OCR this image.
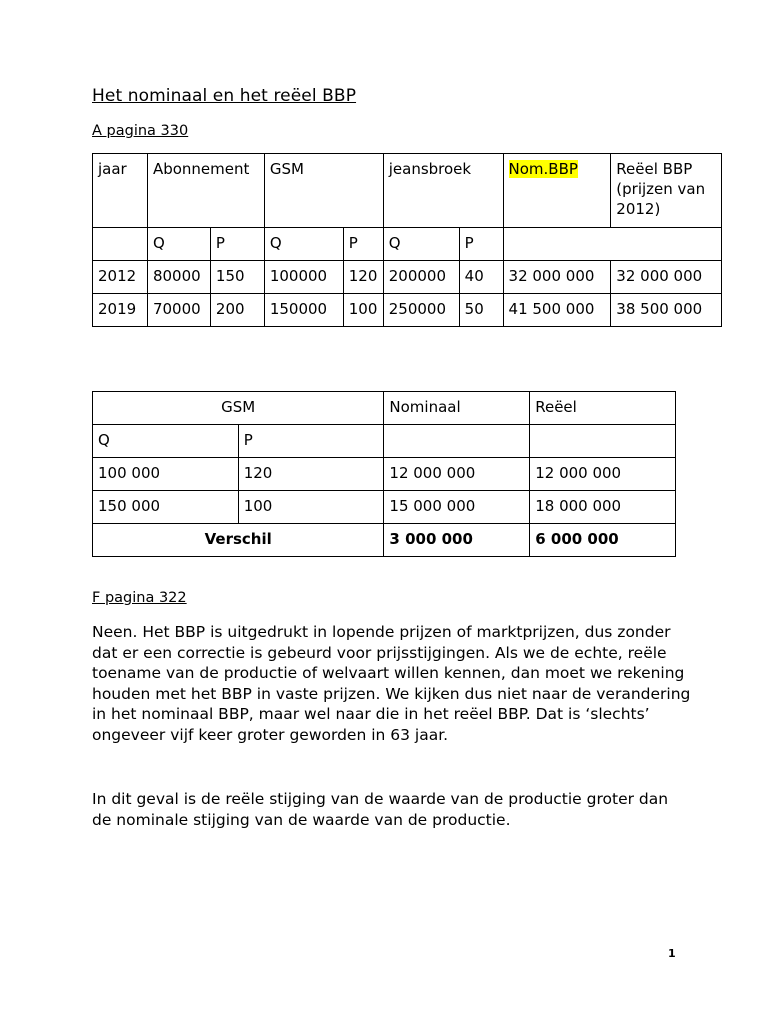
Het nominaal en het reëel BBP
A pagina 330
jaar	Abonnement		GSM		jeansbroek		Nom.BBP	Reëel BBP
(prijzen van
2012)

	Q	P	Q	P	Q	P		
2012	80000	150	100000	120	200000	40	32 000 000	32 000 000
2019	70000	200	150000	100	250000	50	41 500 000	38 500 000
GSM		Nominaal	Reëel
Q	P		
100 000	120	12 000 000	12 000 000
150 000	100	15 000 000	18 000 000
Verschil		3 000 000	6 000 000
F pagina 322
Neen. Het BBP is uitgedrukt in lopende prijzen of marktprijzen, dus zonder dat er een correctie is gebeurd voor prijsstijgingen. Als we de echte, reële toename van de productie of welvaart willen kennen, dan moet we rekening houden met het BBP in vaste prijzen. We kijken dus niet naar de verandering in het nominaal BBP, maar wel naar die in het reëel BBP. Dat is ‘slechts’ ongeveer vijf keer groter geworden in 63 jaar.
In dit geval is de reële stijging van de waarde van de productie groter dan de nominale stijging van de waarde van de productie.
1
